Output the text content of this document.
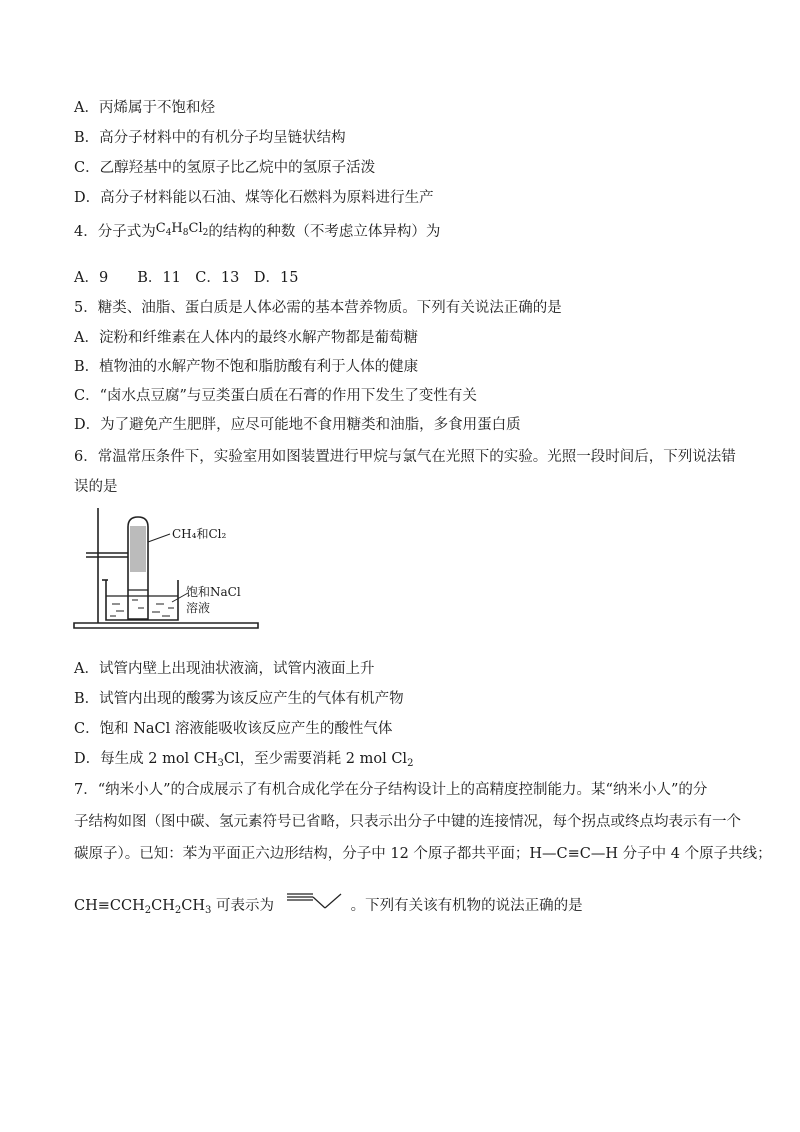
A．丙烯属于不饱和烃
B．高分子材料中的有机分子均呈链状结构
C．乙醇羟基中的氢原子比乙烷中的氢原子活泼
D．高分子材料能以石油、煤等化石燃料为原料进行生产
4．分子式为C4H8Cl2的结构的种数（不考虑立体异构）为
A．9　　B．11　C．13　D．15
5．糖类、油脂、蛋白质是人体必需的基本营养物质。下列有关说法正确的是
A．淀粉和纤维素在人体内的最终水解产物都是葡萄糖
B．植物油的水解产物不饱和脂肪酸有利于人体的健康
C．“卤水点豆腐”与豆类蛋白质在石膏的作用下发生了变性有关
D．为了避免产生肥胖，应尽可能地不食用糖类和油脂，多食用蛋白质
6．常温常压条件下，实验室用如图装置进行甲烷与氯气在光照下的实验。光照一段时间后，下列说法错
误的是
CH₄和Cl₂
饱和NaCl
溶液
A．试管内壁上出现油状液滴，试管内液面上升
B．试管内出现的酸雾为该反应产生的气体有机产物
C．饱和 NaCl 溶液能吸收该反应产生的酸性气体
D．每生成 2 mol $CH_3Cl$，至少需要消耗 2 mol $Cl_2$
7．“纳米小人”的合成展示了有机合成化学在分子结构设计上的高精度控制能力。某“纳米小人”的分
子结构如图（图中碳、氢元素符号已省略，只表示出分子中键的连接情况，每个拐点或终点均表示有一个
碳原子）。已知：苯为平面正六边形结构，分子中 12 个原子都共平面；H—C≡C—H 分子中 4 个原子共线；
$CH\equiv CCH_2CH_2CH_3$ 可表示为	。下列有关该有机物的说法正确的是
